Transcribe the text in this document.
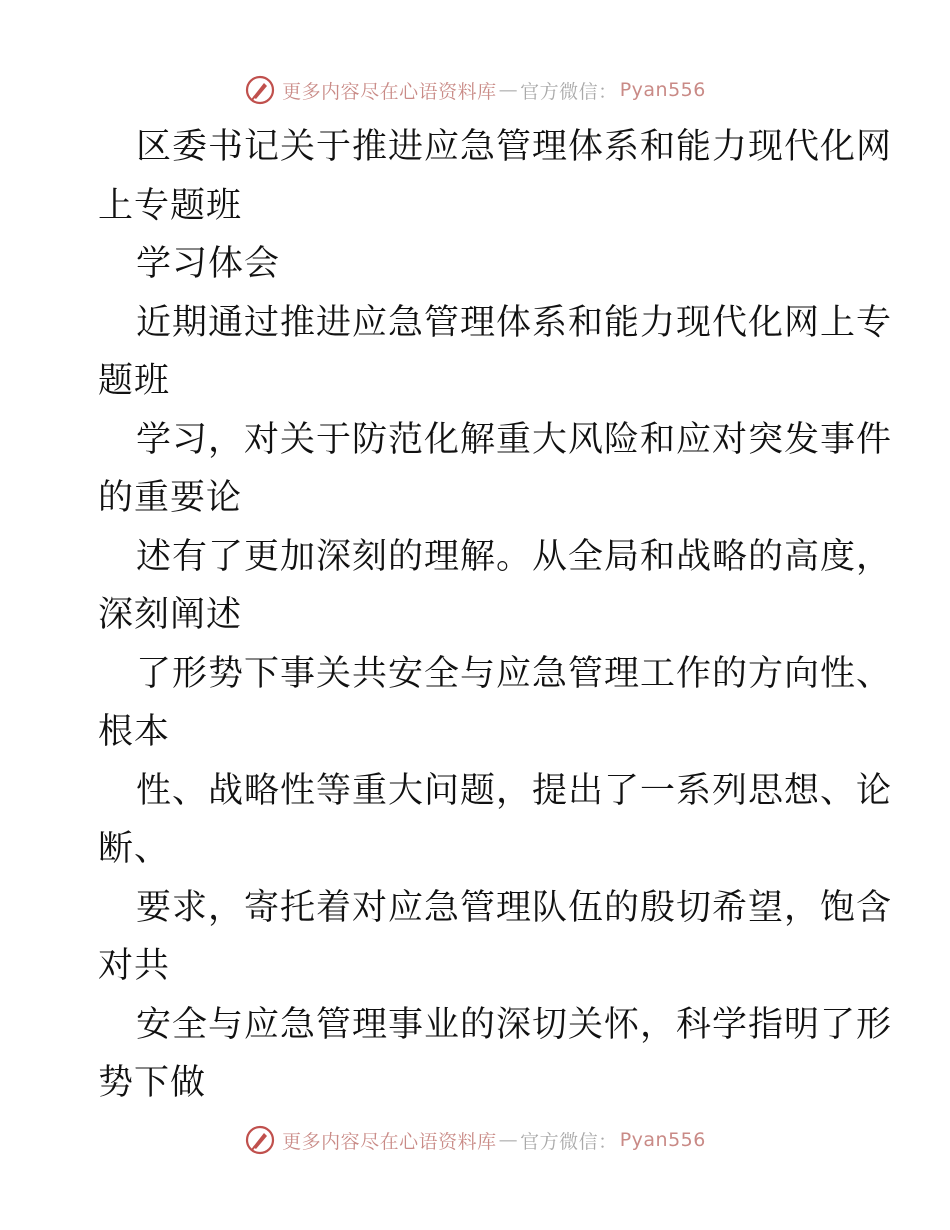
更多内容尽在心语资料库 — 官方微信： Pyan556
区委书记关于推进应急管理体系和能力现代化网
上专题班
学习体会
近期通过推进应急管理体系和能力现代化网上专
题班
学习，对关于防范化解重大风险和应对突发事件
的重要论
述有了更加深刻的理解。从全局和战略的高度，
深刻阐述
了形势下事关共安全与应急管理工作的方向性、
根本
性、战略性等重大问题，提出了一系列思想、论
断、
要求，寄托着对应急管理队伍的殷切希望，饱含
对共
安全与应急管理事业的深切关怀，科学指明了形
势下做
更多内容尽在心语资料库 — 官方微信： Pyan556
